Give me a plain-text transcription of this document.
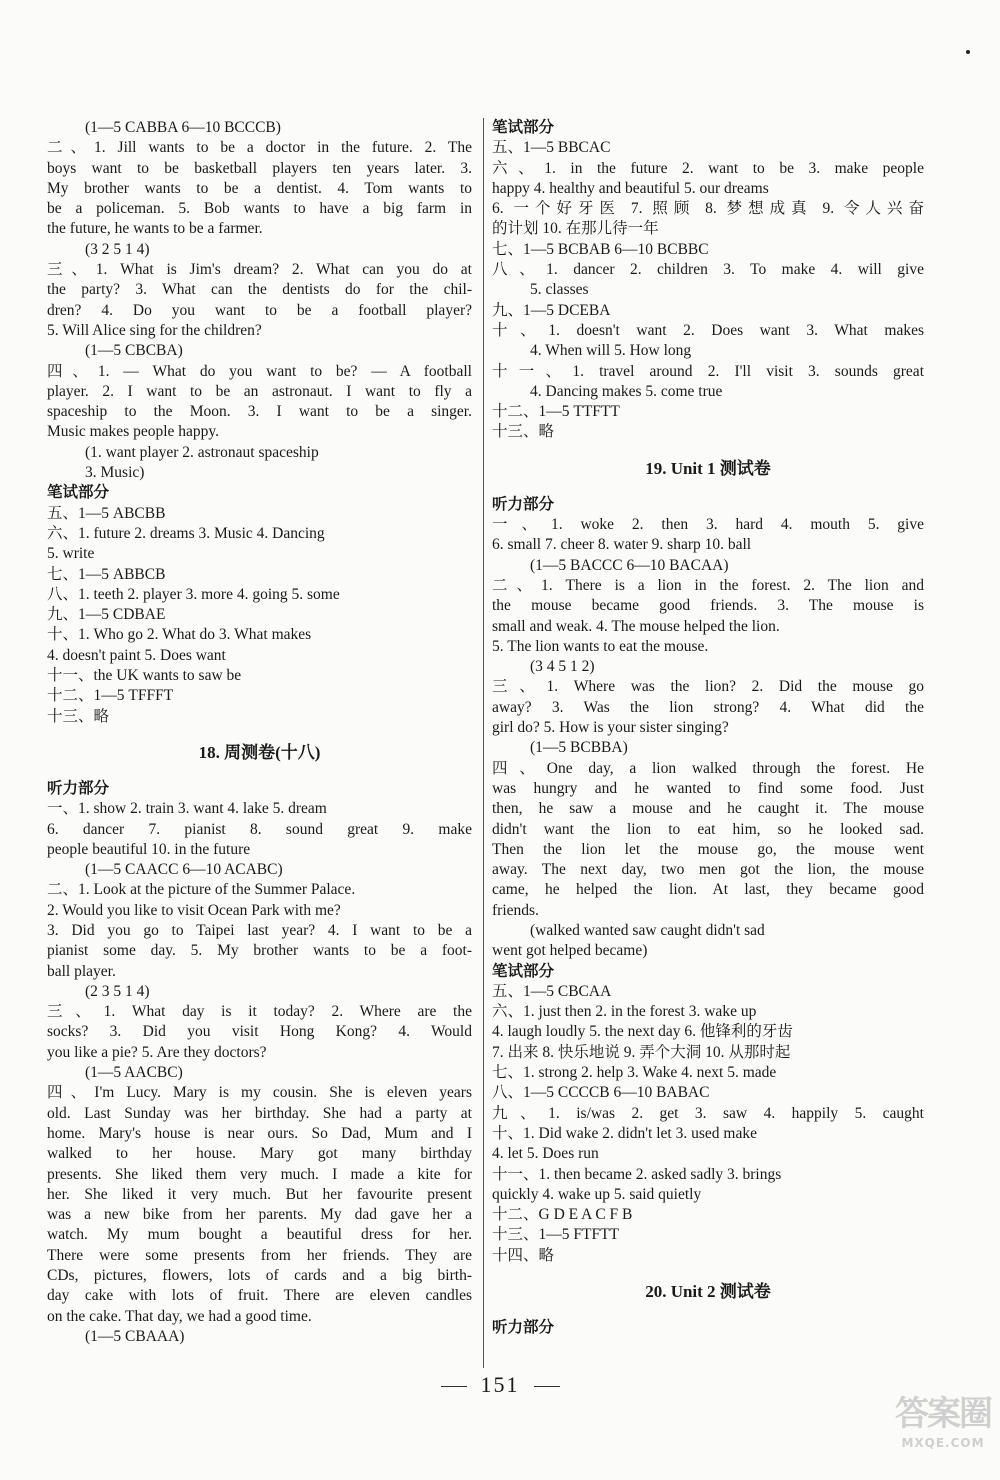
(1—5 CABBA 6—10 BCCCB)
二、1. Jill wants to be a doctor in the future. 2. The
boys want to be basketball players ten years later. 3.
My brother wants to be a dentist. 4. Tom wants to
be a policeman. 5. Bob wants to have a big farm in
the future, he wants to be a farmer.
(3 2 5 1 4)
三、1. What is Jim's dream? 2. What can you do at
the party? 3. What can the dentists do for the chil-
dren? 4. Do you want to be a football player?
5. Will Alice sing for the children?
(1—5 CBCBA)
四、1. — What do you want to be? — A football
player. 2. I want to be an astronaut. I want to fly a
spaceship to the Moon. 3. I want to be a singer.
Music makes people happy.
(1. want player 2. astronaut spaceship
3. Music)
笔试部分
五、1—5 ABCBB
六、1. future 2. dreams 3. Music 4. Dancing
5. write
七、1—5 ABBCB
八、1. teeth 2. player 3. more 4. going 5. some
九、1—5 CDBAE
十、1. Who go 2. What do 3. What makes
4. doesn't paint 5. Does want
十一、the UK wants to saw be
十二、1—5 TFFFT
十三、略
18. 周测卷(十八)
听力部分
一、1. show 2. train 3. want 4. lake 5. dream
6. dancer 7. pianist 8. sound great 9. make
people beautiful 10. in the future
(1—5 CAACC 6—10 ACABC)
二、1. Look at the picture of the Summer Palace.
2. Would you like to visit Ocean Park with me?
3. Did you go to Taipei last year? 4. I want to be a
pianist some day. 5. My brother wants to be a foot-
ball player.
(2 3 5 1 4)
三、1. What day is it today? 2. Where are the
socks? 3. Did you visit Hong Kong? 4. Would
you like a pie? 5. Are they doctors?
(1—5 AACBC)
四、I'm Lucy. Mary is my cousin. She is eleven years
old. Last Sunday was her birthday. She had a party at
home. Mary's house is near ours. So Dad, Mum and I
walked to her house. Mary got many birthday
presents. She liked them very much. I made a kite for
her. She liked it very much. But her favourite present
was a new bike from her parents. My dad gave her a
watch. My mum bought a beautiful dress for her.
There were some presents from her friends. They are
CDs, pictures, flowers, lots of cards and a big birth-
day cake with lots of fruit. There are eleven candles
on the cake. That day, we had a good time.
(1—5 CBAAA)
笔试部分
五、1—5 BBCAC
六、1. in the future 2. want to be 3. make people
happy 4. healthy and beautiful 5. our dreams
6. 一个好牙医 7. 照顾 8. 梦想成真 9. 令人兴奋
的计划 10. 在那儿待一年
七、1—5 BCBAB 6—10 BCBBC
八、1. dancer 2. children 3. To make 4. will give
5. classes
九、1—5 DCEBA
十、1. doesn't want 2. Does want 3. What makes
4. When will 5. How long
十一、1. travel around 2. I'll visit 3. sounds great
4. Dancing makes 5. come true
十二、1—5 TTFTT
十三、略
19. Unit 1 测试卷
听力部分
一、1. woke 2. then 3. hard 4. mouth 5. give
6. small 7. cheer 8. water 9. sharp 10. ball
(1—5 BACCC 6—10 BACAA)
二、1. There is a lion in the forest. 2. The lion and
the mouse became good friends. 3. The mouse is
small and weak. 4. The mouse helped the lion.
5. The lion wants to eat the mouse.
(3 4 5 1 2)
三、1. Where was the lion? 2. Did the mouse go
away? 3. Was the lion strong? 4. What did the
girl do? 5. How is your sister singing?
(1—5 BCBBA)
四、One day, a lion walked through the forest. He
was hungry and he wanted to find some food. Just
then, he saw a mouse and he caught it. The mouse
didn't want the lion to eat him, so he looked sad.
Then the lion let the mouse go, the mouse went
away. The next day, two men got the lion, the mouse
came, he helped the lion. At last, they became good
friends.
(walked wanted saw caught didn't sad
went got helped became)
笔试部分
五、1—5 CBCAA
六、1. just then 2. in the forest 3. wake up
4. laugh loudly 5. the next day 6. 他锋利的牙齿
7. 出来 8. 快乐地说 9. 弄个大洞 10. 从那时起
七、1. strong 2. help 3. Wake 4. next 5. made
八、1—5 CCCCB 6—10 BABAC
九、1. is/was 2. get 3. saw 4. happily 5. caught
十、1. Did wake 2. didn't let 3. used make
4. let 5. Does run
十一、1. then became 2. asked sadly 3. brings
quickly 4. wake up 5. said quietly
十二、G D E A C F B
十三、1—5 FTFTT
十四、略
20. Unit 2 测试卷
听力部分
151
答案圈
MXQE.COM
